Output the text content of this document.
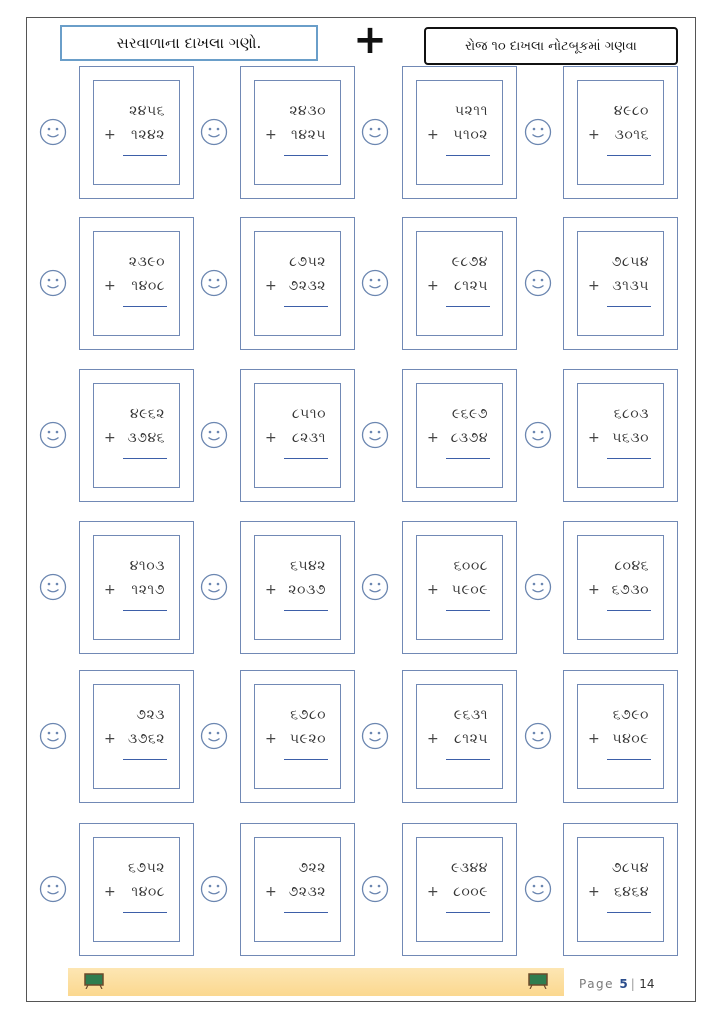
સરવાળાના દાખલા ગણો. +	રોજ ૧૦ દાખલા નોટબૂકમાં ગણવા
૨૪૫૬
+ ૧૨૪૨
૨૪૩૦
+ ૧૪૨૫
૫૨૧૧
+ ૫૧૦૨
૪૯૮૦
+ ૩૦૧૬
૨૩૯૦
+ ૧૪૦૮
૮૭૫૨
+ ૭૨૩૨
૯૮૭૪
+ ૮૧૨૫
૭૮૫૪
+ ૩૧૩૫
૪૯૬૨
+ ૩૭૪૬
૮૫૧૦
+ ૮૨૩૧
૯૬૯૭
+ ૮૩૭૪
૬૮૦૩
+ ૫૬૩૦
૪૧૦૩
+ ૧૨૧૭
૬૫૪૨
+ ૨૦૩૭
૬૦૦૮
+ ૫૯૦૯
૮૦૪૬
+ ૬૭૩૦
૭૨૩
+ ૩૭૬૨
૬૭૮૦
+ ૫૯૨૦
૯૬૩૧
+ ૮૧૨૫
૬૭૯૦
+ ૫૪૦૯
૬૭૫૨
+ ૧૪૦૮
૭૨૨
+ ૭૨૩૨
૯૩૪૪
+ ૮૦૦૯
૭૮૫૪
+ ૬૪૬૪
Page 5 | 14
